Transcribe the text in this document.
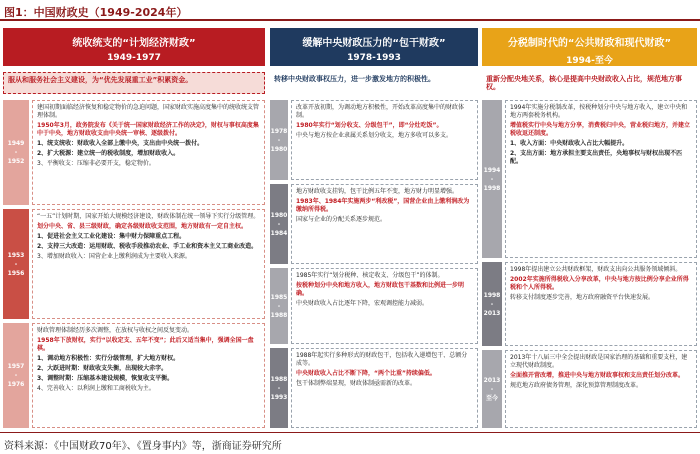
图1：中国财政史（1949-2024年）
统收统支的“计划经济财政”
1949-1977
服从和服务社会主义建设，为“优先发展重工业”积累资金。
1949
-
1952

建国初期面临经济恢复和稳定物价的急迫问题，国家财政实施高度集中的统收统支管理体制。

1950年3月，政务院发布《关于统一国家财政经济工作的决定》，财权与事权高度集中于中央，地方财政收支由中央统一审核、逐级拨付。

1、统支统收：财政收入全部上缴中央，支出由中央统一拨付。

2、扩大税源：建立统一的税收制度，增加财政收入。

3、平衡收支：压缩非必要开支，稳定物价。

1953
-
1956

“一五”计划时期，国家开始大规模经济建设，财政体制在统一领导下实行分级管理。

划分中央、省、县三级财政，确定各级财政收支范围，地方财政有一定自主权。

1、促进社会主义工业化建设：集中财力保障重点工程。

2、支持三大改造：运用财政、税收手段推动农业、手工业和资本主义工商业改造。

3、增加财政收入：国营企业上缴利润成为主要收入来源。

1957
-
1976

财政管理体制经历多次调整，在放权与收权之间反复变动。

1958年下放财权，实行“以收定支、五年不变”；此后又适当集中，强调全国一盘棋。

1、调动地方积极性：实行分级管理，扩大地方财权。

2、大跃进时期：财政收支失衡，出现较大赤字。

3、调整时期：压缩基本建设规模，恢复收支平衡。

4、完善收入：以利润上缴和工商税收为主。

缓解中央财政压力的“包干财政”
1978-1993
转移中央财政事权压力，进一步激发地方的积极性。
1978
-
1980

改革开放初期，为调动地方积极性，开始改革高度集中的财政体制。

1980年实行“划分收支、分级包干”，即“分灶吃饭”。

中央与地方按企业隶属关系划分收支，地方多收可以多支。

1980
-
1984

地方财政收支挂钩，包干比例五年不变，地方财力明显增强。

1983年、1984年实施两步“利改税”，国营企业由上缴利润改为缴纳所得税。

国家与企业的分配关系逐步规范。

1985
-
1988

1985年实行“划分税种、核定收支、分级包干”的体制。

按税种划分中央和地方收入，地方财政包干基数和比例进一步明确。

中央财政收入占比逐年下降，宏观调控能力减弱。

1988
-
1993

1988年起实行多种形式的财政包干，包括收入递增包干、总额分成等。

中央财政收入占比不断下降，“两个比重”持续偏低。

包干体制弊端显现，财政体制亟需新的改革。

分税制时代的“公共财政和现代财政”
1994-至今
重新分配央地关系，核心是提高中央财政收入占比，规范地方事权。
1994
-
1998

1994年实施分税制改革，按税种划分中央与地方收入，建立中央和地方两套税务机构。

增值税实行中央与地方分享，消费税归中央，营业税归地方，并建立税收返还制度。

1、收入方面：中央财政收入占比大幅提升。

2、支出方面：地方承担主要支出责任，央地事权与财权出现不匹配。

1998
-
2013

1998年提出建立公共财政框架，财政支出向公共服务领域倾斜。

2002年实施所得税收入分享改革，中央与地方按比例分享企业所得税和个人所得税。

转移支付制度逐步完善，地方政府融资平台快速发展。

2013
-
至今

2013年十八届三中全会提出财政是国家治理的基础和重要支柱，建立现代财政制度。

全面推开营改增，推进中央与地方财政事权和支出责任划分改革。

规范地方政府债务管理，深化预算管理制度改革。

资料来源：《中国财政70年》、《置身事内》等，浙商证券研究所
